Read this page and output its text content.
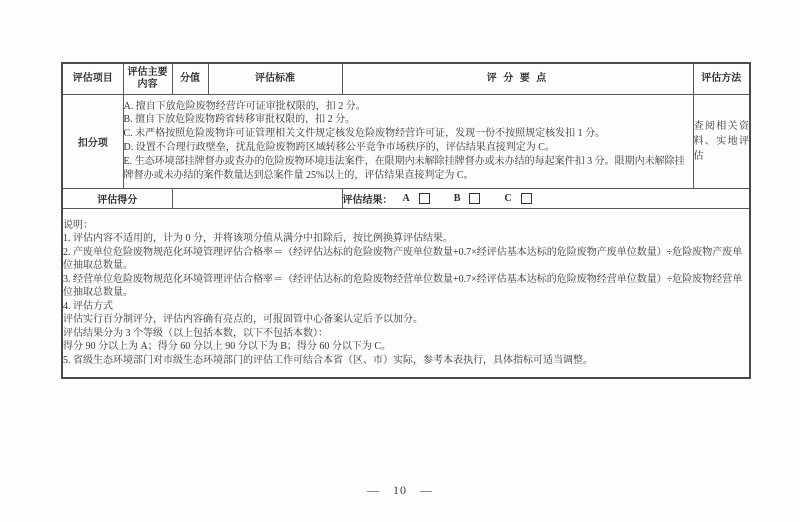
评估项目	评估主要内容	分值	评估标准	评 分 要 点	评估方法
扣分项	A. 擅自下放危险废物经营许可证审批权限的，扣 2 分。
B. 擅自下放危险废物跨省转移审批权限的，扣 2 分。
C. 未严格按照危险废物许可证管理相关文件规定核发危险废物经营许可证，发现一份不按照规定核发扣 1 分。
D. 设置不合理行政壁垒，扰乱危险废物跨区域转移公平竞争市场秩序的，评估结果直接判定为 C。
E. 生态环境部挂牌督办或查办的危险废物环境违法案件，在限期内未解除挂牌督办或未办结的每起案件扣 3 分。限期内未解除挂牌督办或未办结的案件数量达到总案件量 25%以上的，评估结果直接判定为 C。				查阅相关资料、实地评估
评估得分				评估结果： A B C	

说明：
1. 评估内容不适用的，计为 0 分，并将该项分值从满分中扣除后，按比例换算评估结果。
2. 产废单位危险废物规范化环境管理评估合格率＝（经评估达标的危险废物产废单位数量+0.7×经评估基本达标的危险废物产废单位数量）÷危险废物产废单位抽取总数量。
3. 经营单位危险废物规范化环境管理评估合格率＝（经评估达标的危险废物经营单位数量+0.7×经评估基本达标的危险废物经营单位数量）÷危险废物经营单位抽取总数量。
4. 评估方式
评估实行百分制评分，评估内容确有亮点的，可报固管中心备案认定后予以加分。
评估结果分为 3 个等级（以上包括本数，以下不包括本数）：
得分 90 分以上为 A；得分 60 分以上 90 分以下为 B；得分 60 分以下为 C。
5. 省级生态环境部门对市级生态环境部门的评估工作可结合本省（区、市）实际，参考本表执行，具体指标可适当调整。
— 10 —
